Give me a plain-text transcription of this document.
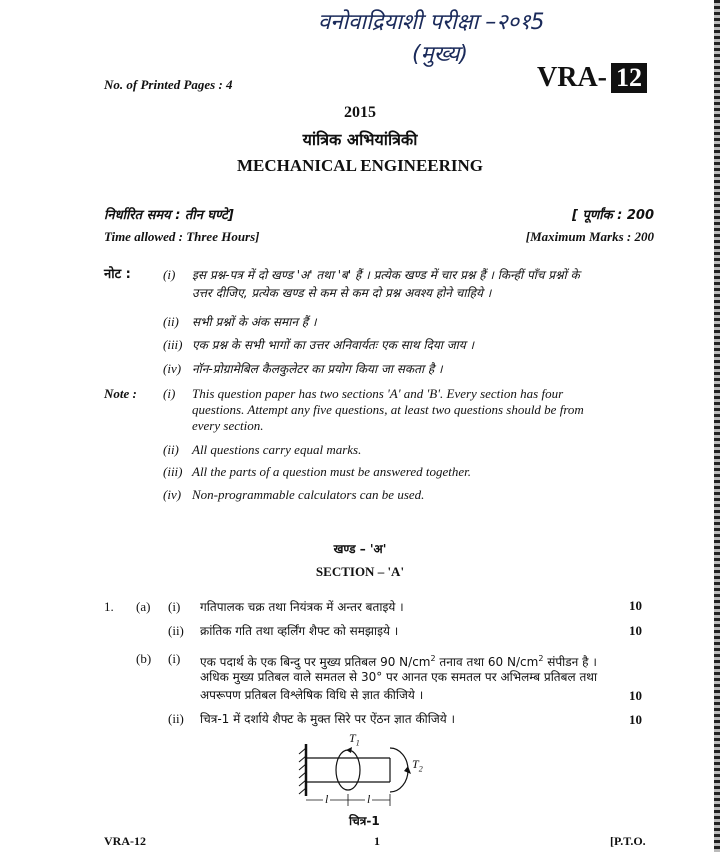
वनोवाद्रियाशी परीक्षा –२०१5
(मुख्य)
No. of Printed Pages : 4	VRA- 12
2015
यांत्रिक अभियांत्रिकी
MECHANICAL ENGINEERING
निर्धारित समय : तीन घण्टे]	[ पूर्णांक : 200
Time allowed : Three Hours]	[Maximum Marks : 200
नोट : (i) इस प्रश्न-पत्र में दो खण्ड 'अ' तथा 'ब' हैं । प्रत्येक खण्ड में चार प्रश्न हैं । किन्हीं पाँच प्रश्नों के
उत्तर दीजिए, प्रत्येक खण्ड से कम से कम दो प्रश्न अवश्य होने चाहिये ।
(ii) सभी प्रश्नों के अंक समान हैं ।
(iii) एक प्रश्न के सभी भागों का उत्तर अनिवार्यतः एक साथ दिया जाय ।
(iv) नॉन-प्रोग्रामेबिल कैलकुलेटर का प्रयोग किया जा सकता है ।
Note : (i) This question paper has two sections 'A' and 'B'. Every section has four
questions. Attempt any five questions, at least two questions should be from
every section.
(ii) All questions carry equal marks.
(iii) All the parts of a question must be answered together.
(iv) Non-programmable calculators can be used.
खण्ड – 'अ'
SECTION – 'A'
1. (a) (i) गतिपालक चक्र तथा नियंत्रक में अन्तर बताइये ।	10
(ii) क्रांतिक गति तथा व्हर्लिंग शैफ्ट को समझाइये ।	10
(b) (i) एक पदार्थ के एक बिन्दु पर मुख्य प्रतिबल 90 $N/cm^2$ तनाव तथा 60 $N/cm^2$ संपीडन है ।
अधिक मुख्य प्रतिबल वाले समतल से 30° पर आनत एक समतल पर अभिलम्ब प्रतिबल तथा
अपरूपण प्रतिबल विश्लेषिक विधि से ज्ञात कीजिये ।	10
(ii) चित्र-1 में दर्शाये शैफ्ट के मुक्त सिरे पर ऐंठन ज्ञात कीजिये ।	10
$T_1$
$T_2$
l	l
चित्र-1
VRA-12	1	[P.T.O.
